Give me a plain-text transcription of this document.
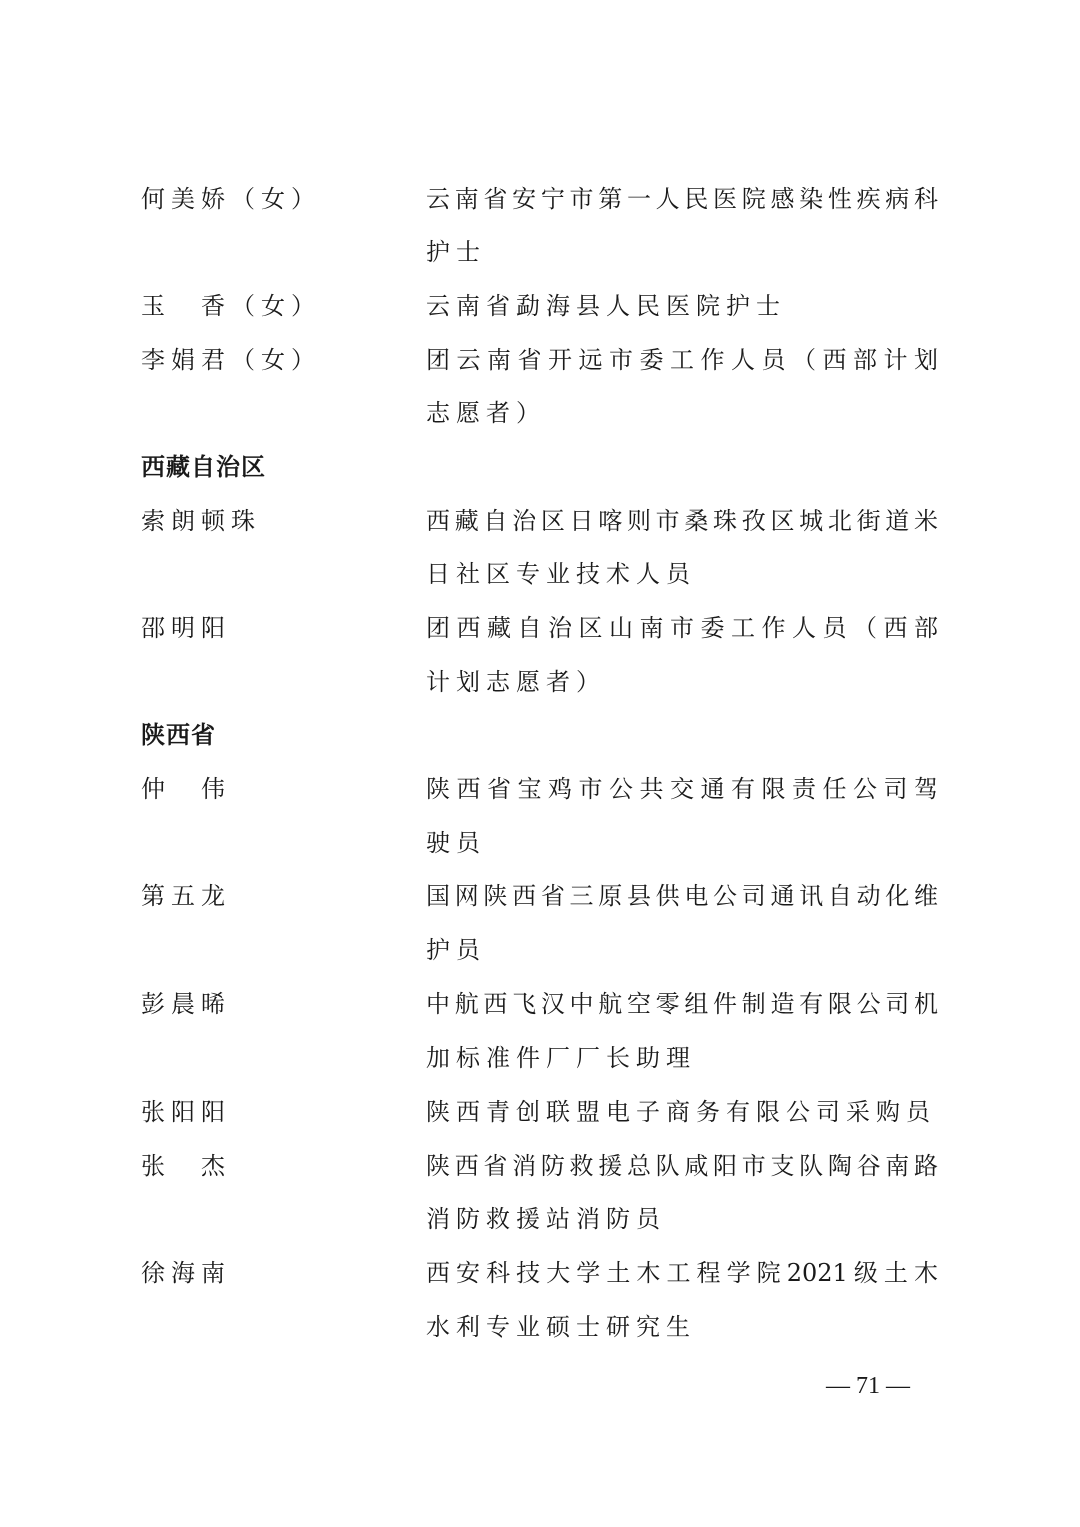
何美娇（女）	云南省安宁市第一人民医院感染性疾病科
护士
玉　香（女）	云南省勐海县人民医院护士
李娟君（女）	团云南省开远市委工作人员（西部计划
志愿者）
西藏自治区
索朗顿珠	西藏自治区日喀则市桑珠孜区城北街道米
日社区专业技术人员
邵明阳	团西藏自治区山南市委工作人员（西部
计划志愿者）
陕西省
仲　伟	陕西省宝鸡市公共交通有限责任公司驾
驶员
第五龙	国网陕西省三原县供电公司通讯自动化维
护员
彭晨晞	中航西飞汉中航空零组件制造有限公司机
加标准件厂厂长助理
张阳阳	陕西青创联盟电子商务有限公司采购员
张　杰	陕西省消防救援总队咸阳市支队陶谷南路
消防救援站消防员
徐海南	西安科技大学土木工程学院2021级土木
水利专业硕士研究生
— 71 —
